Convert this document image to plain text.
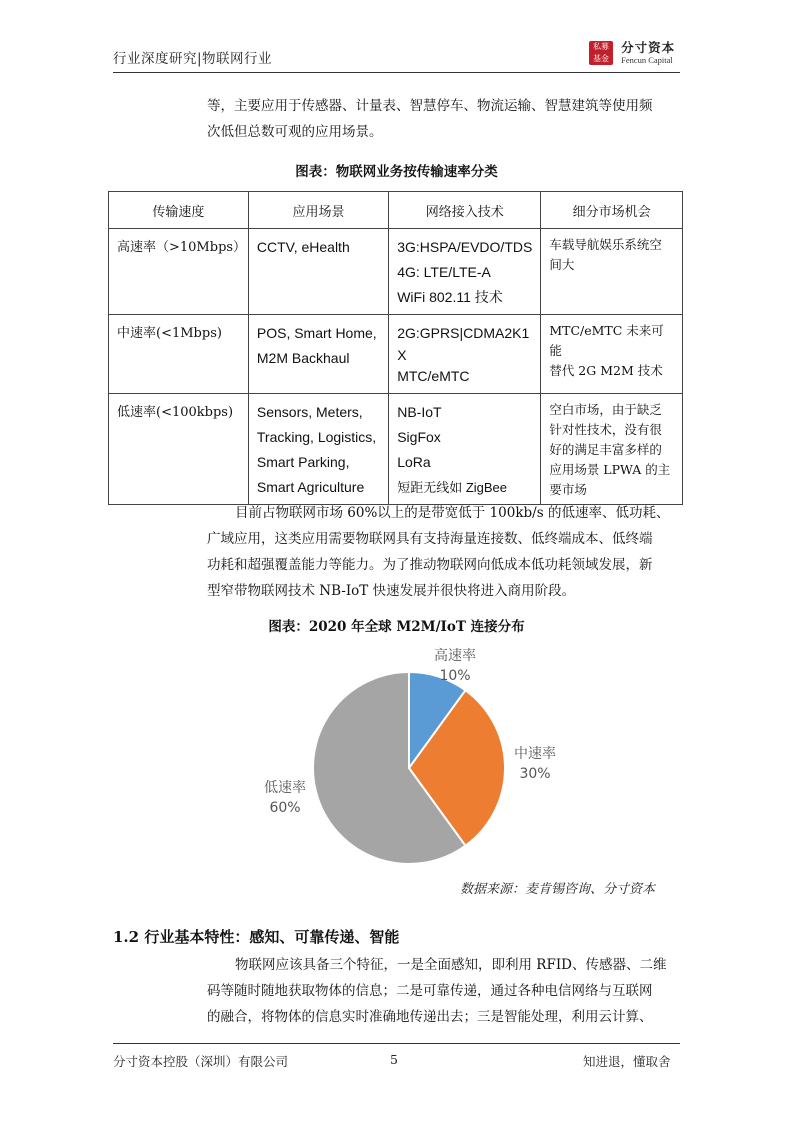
行业深度研究|物联网行业
私募
基金
分寸资本
Fencun Capital
等，主要应用于传感器、计量表、智慧停车、物流运输、智慧建筑等使用频
次低但总数可观的应用场景。
图表：物联网业务按传输速率分类
传输速度	应用场景	网络接入技术	细分市场机会

高速率（>10Mbps）	CCTV, eHealth	3G:HSPA/EVDO/TDS
4G: LTE/LTE-A
WiFi 802.11 技术	车载导航娱乐系统空
间大

中速率(<1Mbps)	POS, Smart Home,
M2M Backhaul	2G:GPRS|CDMA2K1
X
MTC/eMTC	MTC/eMTC 未来可能
替代 2G M2M 技术

低速率(<100kbps)	Sensors, Meters,
Tracking, Logistics,
Smart Parking,
Smart Agriculture	NB-IoT
SigFox
LoRa
短距无线如 ZigBee	空白市场，由于缺乏
针对性技术，没有很
好的满足丰富多样的
应用场景 LPWA 的主
要市场
目前占物联网市场 60%以上的是带宽低于 100kb/s 的低速率、低功耗、
广域应用，这类应用需要物联网具有支持海量连接数、低终端成本、低终端
功耗和超强覆盖能力等能力。为了推动物联网向低成本低功耗领域发展，新
型窄带物联网技术 NB-IoT 快速发展并很快将进入商用阶段。
图表：2020 年全球 M2M/IoT 连接分布
高速率
10%
中速率
30%
低速率
60%
数据来源：麦肯锡咨询、分寸资本
1.2 行业基本特性：感知、可靠传递、智能
物联网应该具备三个特征，一是全面感知，即利用 RFID、传感器、二维
码等随时随地获取物体的信息；二是可靠传递，通过各种电信网络与互联网
的融合，将物体的信息实时准确地传递出去；三是智能处理，利用云计算、
分寸资本控股（深圳）有限公司	5	知进退，懂取舍
